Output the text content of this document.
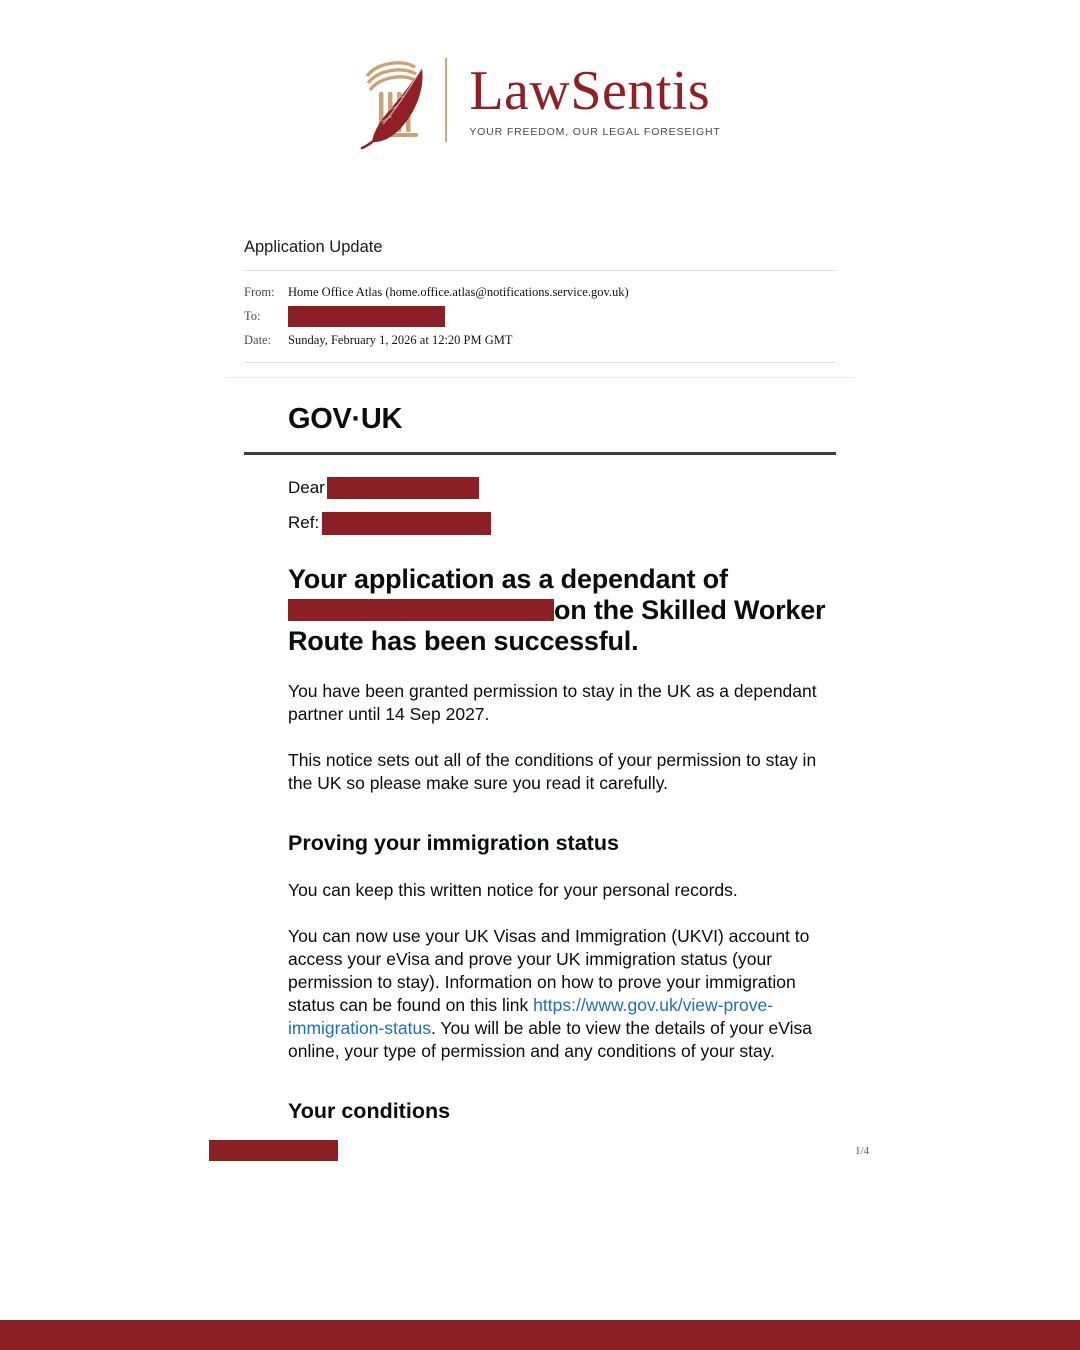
LawSentis
YOUR FREEDOM, OUR LEGAL FORESEIGHT
Application Update
From:	Home Office Atlas (home.office.atlas@notifications.service.gov.uk)
To:
Date:	Sunday, February 1, 2026 at 12:20 PM GMT
GOV·UK
Dear
Ref:
Your application as a dependant of on the Skilled Worker Route has been successful.

You have been granted permission to stay in the UK as a dependant partner until 14 Sep 2027.

This notice sets out all of the conditions of your permission to stay in the UK so please make sure you read it carefully.

Proving your immigration status

You can keep this written notice for your personal records.

You can now use your UK Visas and Immigration (UKVI) account to access your eVisa and prove your UK immigration status (your permission to stay). Information on how to prove your immigration status can be found on this link https://www.gov.uk/view-prove-immigration-status. You will be able to view the details of your eVisa online, your type of permission and any conditions of your stay.

Your conditions
1/4
